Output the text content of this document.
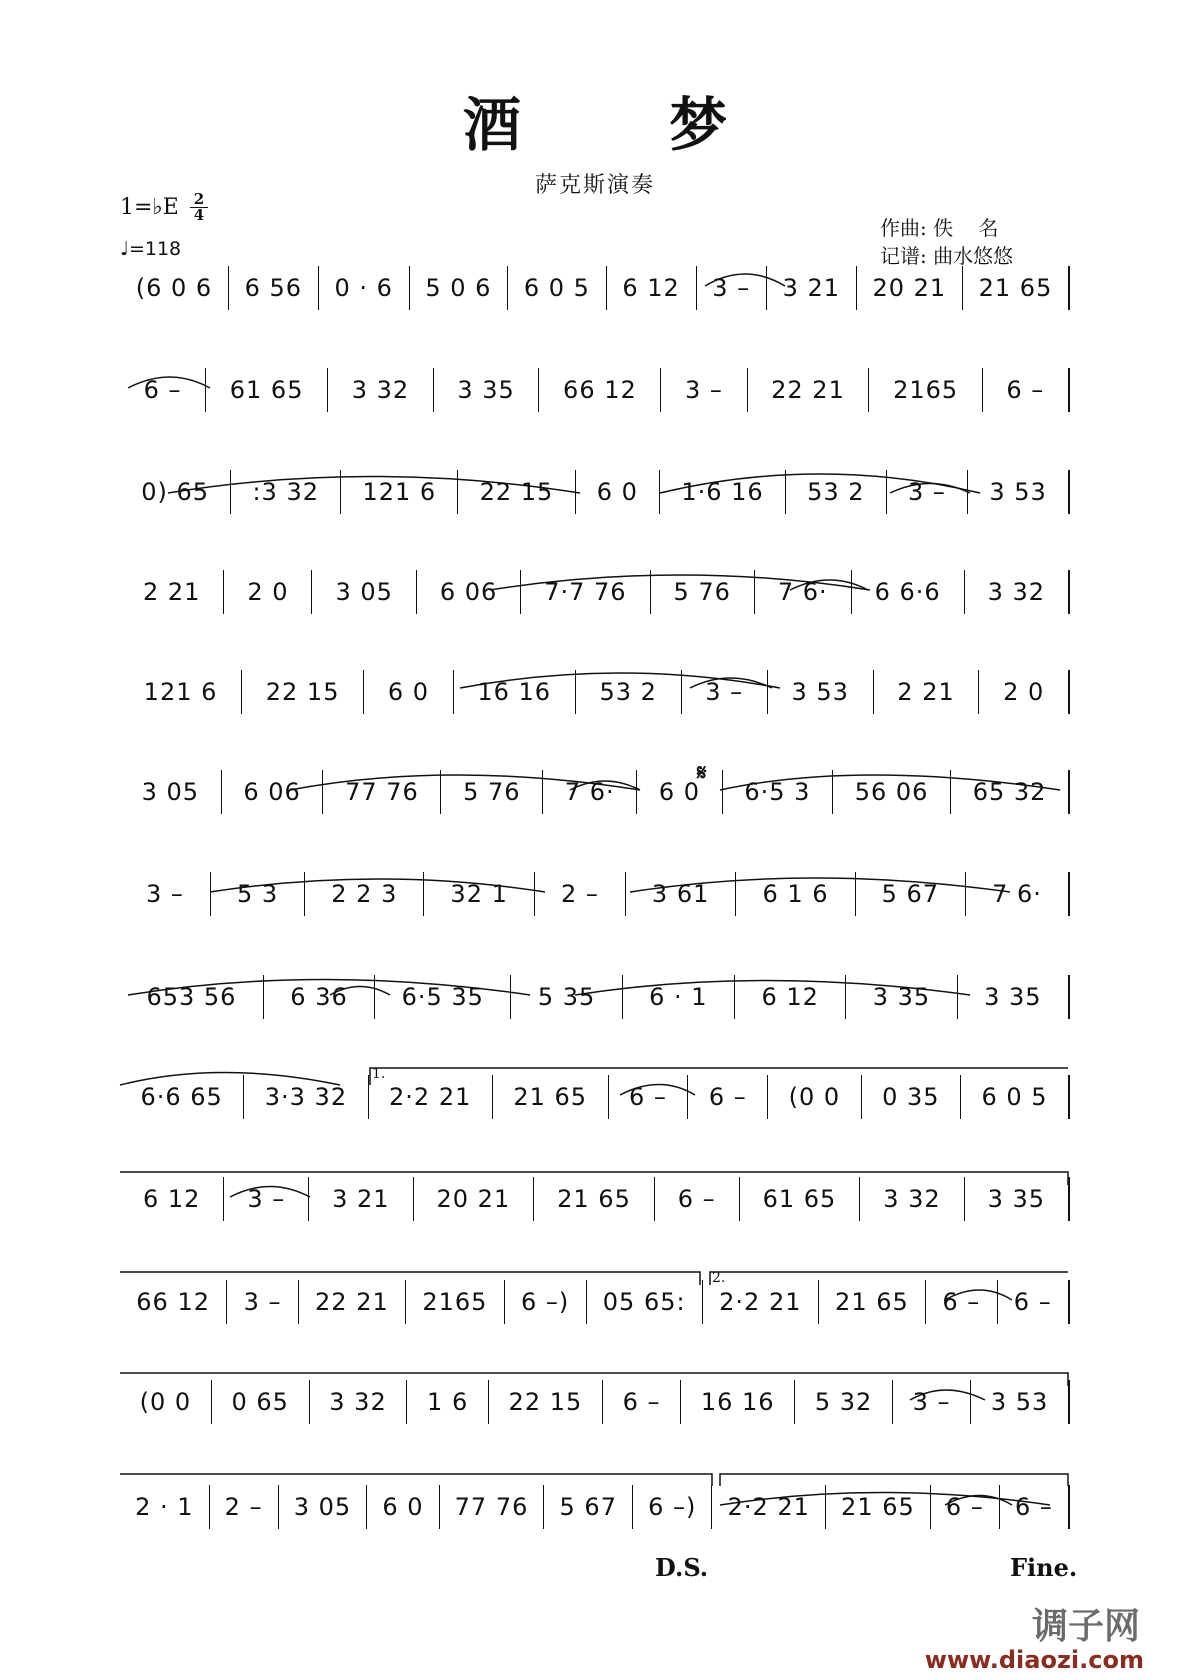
酒 梦
萨克斯演奏
1=♭E 2
4
♩=118
作曲: 佚    名
记谱: 曲水悠悠
(6 0 6	6 56	0 · 6	5 0 6	6 0 5	6 12	3 –	3 21	20 21	21 65
6 –	61 65	3 32	3 35	66 12	3 –	22 21	2165	6 –
0) 65	:3 32	121 6	22 15	6 0	1·6 16	53 2	3 –	3 53
2 21	2 0	3 05	6 06	7·7 76	5 76	7 6·	6 6·6	3 32
121 6	22 15	6 0	16 16	53 2	3 –	3 53	2 21	2 0
3 05	6 06	77 76	5 76	7 6·	6 0	6·5 3	56 06	65 32
3 –	5 3	2 2 3	32 1	2 –	3 61	6 1 6	5 67	7 6·
653 56	6 36	6·5 35	5 35	6 · 1	6 12	3 35	3 35
6·6 65	3·3 32	2·2 21	21 65	6 –	6 –	(0 0	0 35	6 0 5
6 12	3 –	3 21	20 21	21 65	6 –	61 65	3 32	3 35
66 12	3 –	22 21	2165	6 –)	05 65:	2·2 21	21 65	6 –	6 –
(0 0	0 65	3 32	1 6	22 15	6 –	16 16	5 32	3 –	3 53
2 · 1	2 –	3 05	6 0	77 76	5 67	6 –)	2·2 21	21 65	6 –	6 –
𝄋
1.
2.
D.S.	Fine.
调子网
www.diaozi.com
